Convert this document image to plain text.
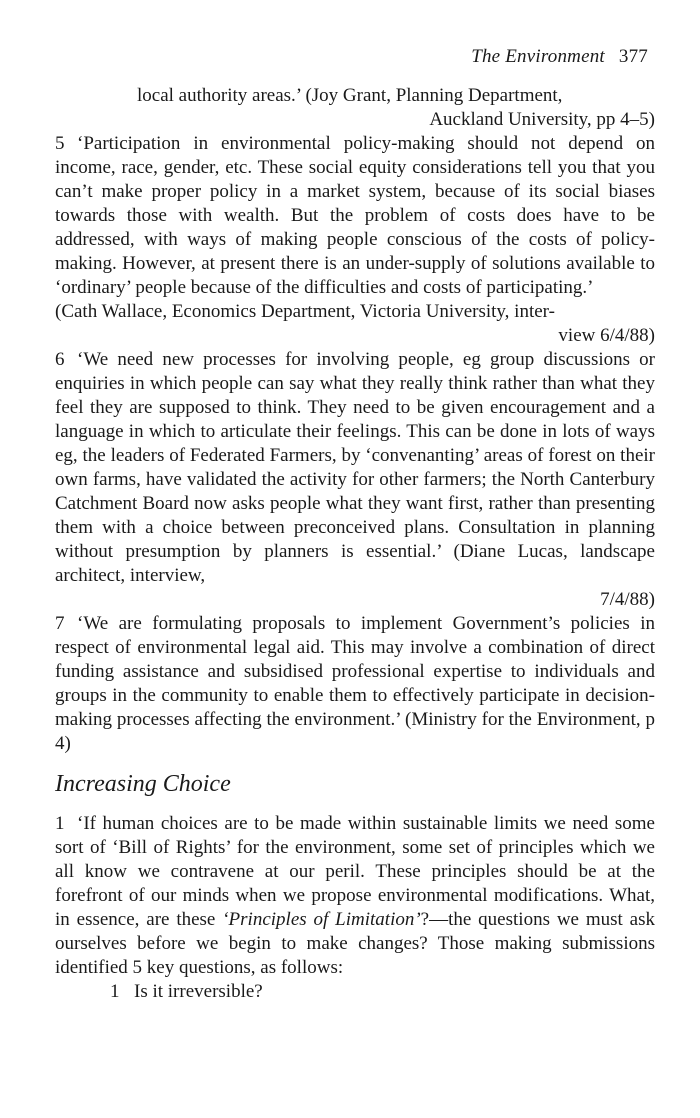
The Environment 377

local authority areas.’ (Joy Grant, Planning Department,
Auckland University, pp 4–5)

5 ‘Participation in environmental policy-making should not depend on income, race, gender, etc. These social equity considerations tell you that you can’t make proper policy in a market system, because of its social biases towards those with wealth. But the problem of costs does have to be addressed, with ways of making people conscious of the costs of policy-making. However, at present there is an under-supply of solutions available to ‘ordinary’ people because of the difficulties and costs of participating.’
(Cath Wallace, Economics Department, Victoria University, inter-
view 6/4/88)

6 ‘We need new processes for involving people, eg group discussions or enquiries in which people can say what they really think rather than what they feel they are supposed to think. They need to be given encouragement and a language in which to articulate their feelings. This can be done in lots of ways eg, the leaders of Federated Farmers, by ‘convenanting’ areas of forest on their own farms, have validated the activity for other farmers; the North Canterbury Catchment Board now asks people what they want first, rather than presenting them with a choice between preconceived plans. Consultation in planning without presumption by planners is essential.’ (Diane Lucas, landscape architect, interview,
7/4/88)

7 ‘We are formulating proposals to implement Government’s policies in respect of environmental legal aid. This may involve a combination of direct funding assistance and subsidised professional expertise to individuals and groups in the community to enable them to effectively participate in decision-making processes affecting the environment.’ (Ministry for the Environment, p 4)

Increasing Choice

1 ‘If human choices are to be made within sustainable limits we need some sort of ‘Bill of Rights’ for the environment, some set of principles which we all know we contravene at our peril. These principles should be at the forefront of our minds when we propose environmental modifications. What, in essence, are these ‘Principles of Limitation’?—the questions we must ask ourselves before we begin to make changes? Those making submissions identified 5 key questions, as follows:

1 Is it irreversible?
